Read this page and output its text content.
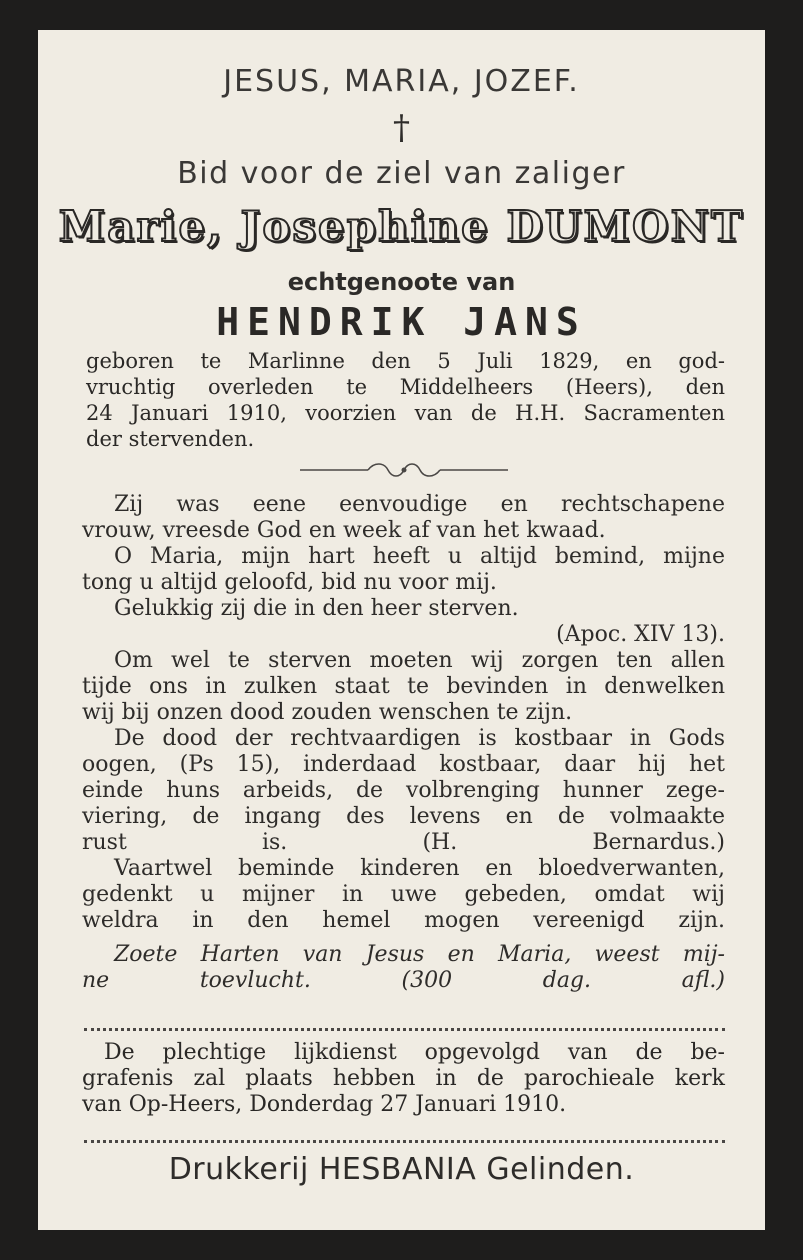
JESUS, MARIA, JOZEF.
†
Bid voor de ziel van zaliger
Marie, Josephine DUMONT
echtgenoote van
HENDRIK JANS
geboren te Marlinne den 5 Juli 1829, en god-
vruchtig overleden te Middelheers (Heers), den
24 Januari 1910, voorzien van de H.H. Sacramenten
der stervenden.
Zij was eene eenvoudige en rechtschapene
vrouw, vreesde God en week af van het kwaad.
O Maria, mijn hart heeft u altijd bemind, mijne
tong u altijd geloofd, bid nu voor mij.
Gelukkig zij die in den heer sterven.
(Apoc. XIV 13).
Om wel te sterven moeten wij zorgen ten allen
tijde ons in zulken staat te bevinden in denwelken
wij bij onzen dood zouden wenschen te zijn.
De dood der rechtvaardigen is kostbaar in Gods
oogen, (Ps 15), inderdaad kostbaar, daar hij het
einde huns arbeids, de volbrenging hunner zege-
viering, de ingang des levens en de volmaakte
rust is.	(H. Bernardus.)
Vaartwel beminde kinderen en bloedverwanten,
gedenkt u mijner in uwe gebeden, omdat wij
weldra in den hemel mogen vereenigd zijn.
Zoete Harten van Jesus en Maria, weest mij-
ne toevlucht.	(300 dag. afl.)
De plechtige lijkdienst opgevolgd van de be-
grafenis zal plaats hebben in de parochieale kerk
van Op-Heers, Donderdag 27 Januari 1910.
Drukkerij HESBANIA Gelinden.
